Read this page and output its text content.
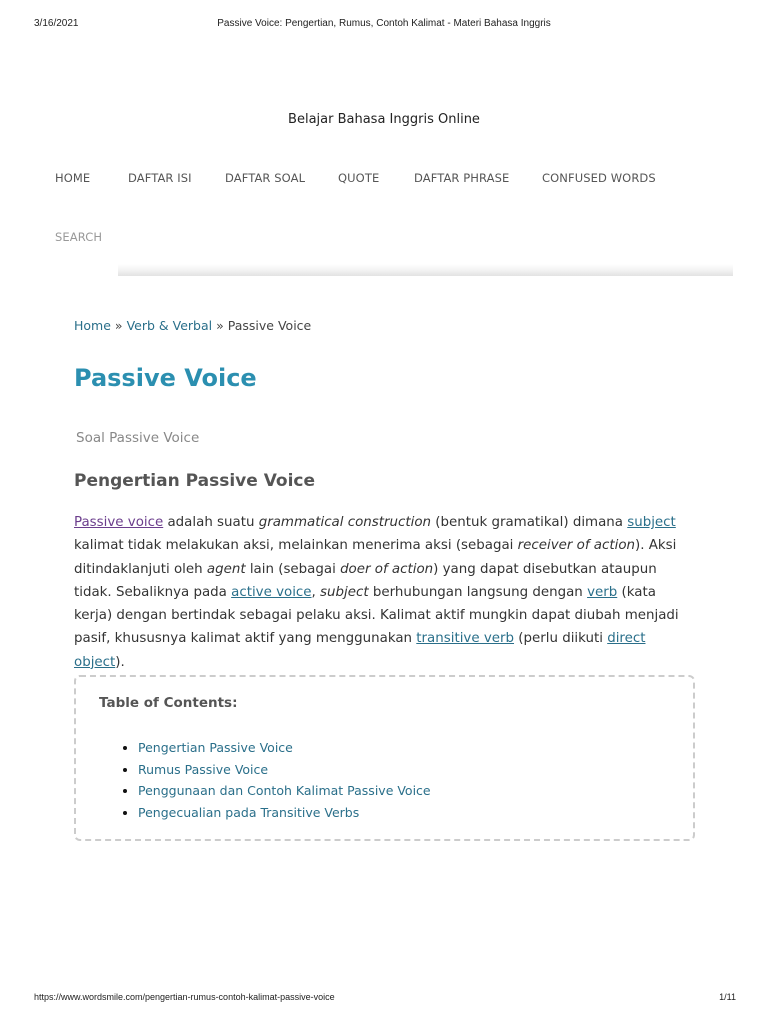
3/16/2021	Passive Voice: Pengertian, Rumus, Contoh Kalimat - Materi Bahasa Inggris
Belajar Bahasa Inggris Online
HOME	DAFTAR ISI	DAFTAR SOAL	QUOTE	DAFTAR PHRASE	CONFUSED WORDS
SEARCH
Home » Verb & Verbal » Passive Voice
Passive Voice
Soal Passive Voice
Pengertian Passive Voice

Passive voice adalah suatu grammatical construction (bentuk gramatikal) dimana subject kalimat tidak melakukan aksi, melainkan menerima aksi (sebagai receiver of action). Aksi ditindaklanjuti oleh agent lain (sebagai doer of action) yang dapat disebutkan ataupun tidak. Sebaliknya pada active voice, subject berhubungan langsung dengan verb (kata kerja) dengan bertindak sebagai pelaku aksi. Kalimat aktif mungkin dapat diubah menjadi pasif, khususnya kalimat aktif yang menggunakan transitive verb (perlu diikuti direct object).

Table of Contents:
• Pengertian Passive Voice
• Rumus Passive Voice
• Penggunaan dan Contoh Kalimat Passive Voice
• Pengecualian pada Transitive Verbs
https://www.wordsmile.com/pengertian-rumus-contoh-kalimat-passive-voice	1/11
